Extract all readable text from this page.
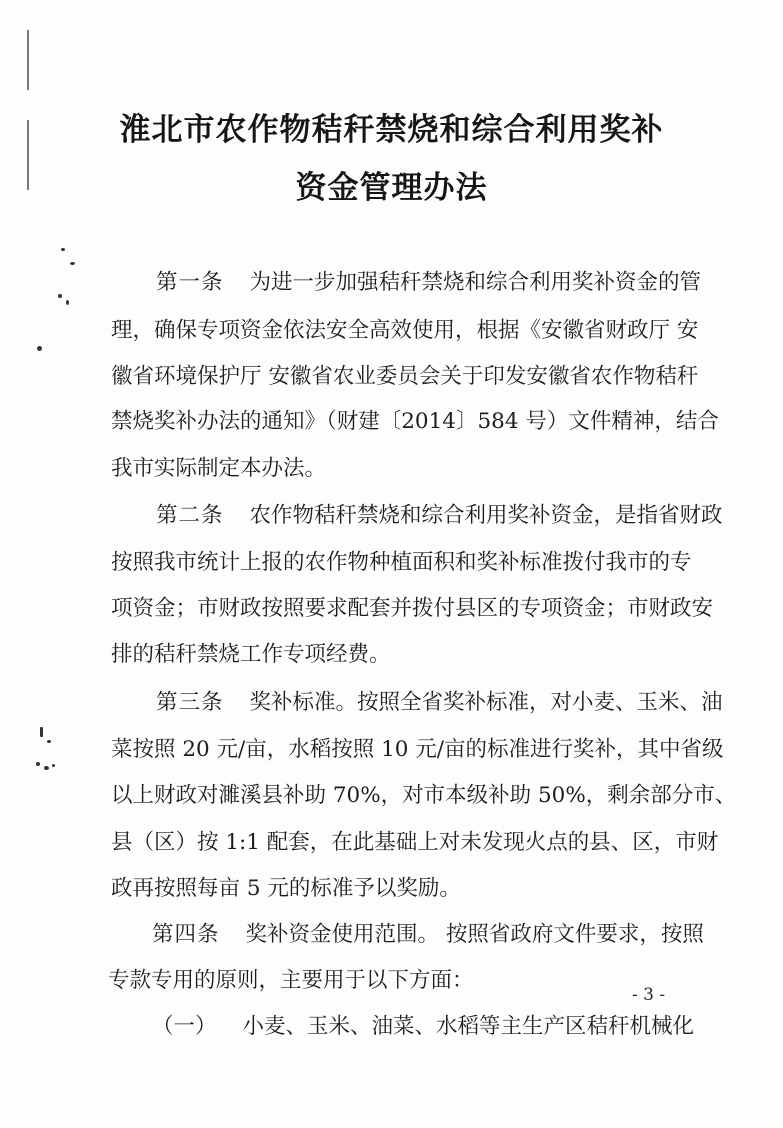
淮北市农作物秸秆禁烧和综合利用奖补
资金管理办法
第一条 为进一步加强秸秆禁烧和综合利用奖补资金的管
理，确保专项资金依法安全高效使用，根据《安徽省财政厅 安
徽省环境保护厅 安徽省农业委员会关于印发安徽省农作物秸秆
禁烧奖补办法的通知》（财建〔2014〕584 号）文件精神，结合
我市实际制定本办法。
第二条 农作物秸秆禁烧和综合利用奖补资金，是指省财政
按照我市统计上报的农作物种植面积和奖补标准拨付我市的专
项资金；市财政按照要求配套并拨付县区的专项资金；市财政安
排的秸秆禁烧工作专项经费。
第三条 奖补标准。按照全省奖补标准，对小麦、玉米、油
菜按照 20 元/亩，水稻按照 10 元/亩的标准进行奖补，其中省级
以上财政对濉溪县补助 70%，对市本级补助 50%，剩余部分市、
县（区）按 1:1 配套，在此基础上对未发现火点的县、区，市财
政再按照每亩 5 元的标准予以奖励。
第四条 奖补资金使用范围。 按照省政府文件要求，按照
专款专用的原则，主要用于以下方面：
（一） 小麦、玉米、油菜、水稻等主生产区秸秆机械化
- 3 -
